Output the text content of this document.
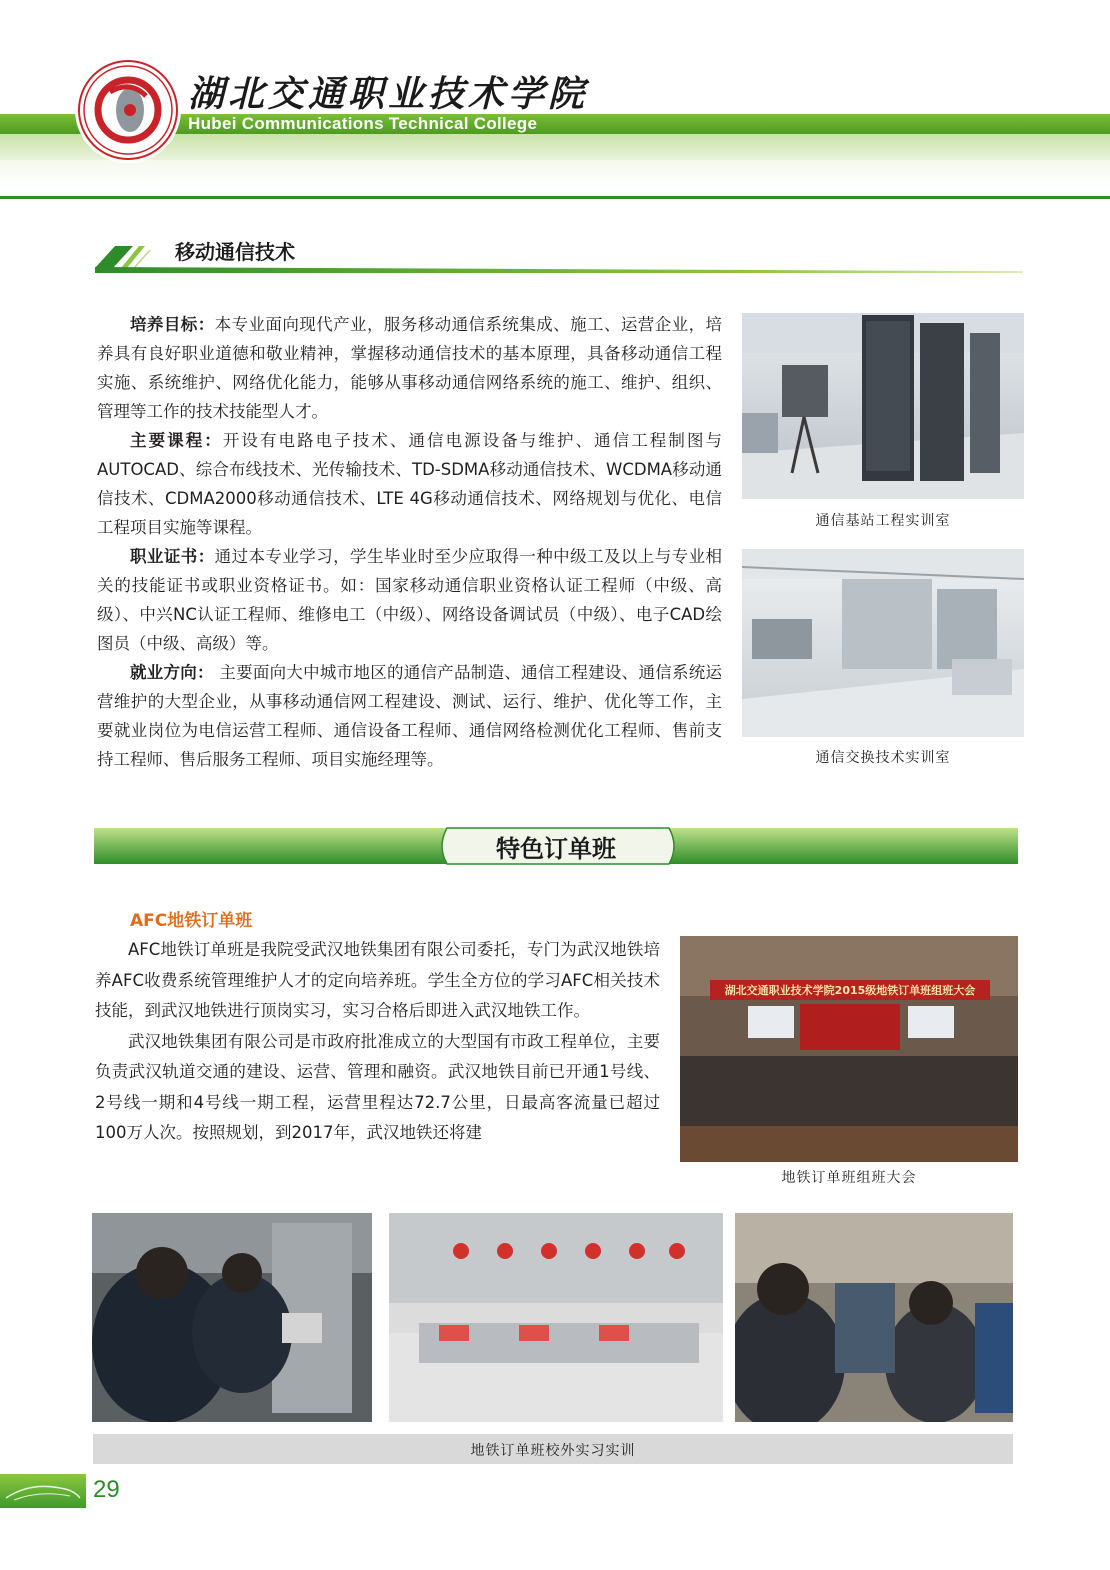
湖北交通职业技术学院
Hubei Communications Technical College
移动通信技术

培养目标：本专业面向现代产业，服务移动通信系统集成、施工、运营企业，培养具有良好职业道德和敬业精神，掌握移动通信技术的基本原理，具备移动通信工程实施、系统维护、网络优化能力，能够从事移动通信网络系统的施工、维护、组织、管理等工作的技术技能型人才。

主要课程：开设有电路电子技术、通信电源设备与维护、通信工程制图与AUTOCAD、综合布线技术、光传输技术、TD-SDMA移动通信技术、WCDMA移动通信技术、CDMA2000移动通信技术、LTE 4G移动通信技术、网络规划与优化、电信工程项目实施等课程。

职业证书：通过本专业学习，学生毕业时至少应取得一种中级工及以上与专业相关的技能证书或职业资格证书。如：国家移动通信职业资格认证工程师（中级、高级）、中兴NC认证工程师、维修电工（中级）、网络设备调试员（中级）、电子CAD绘图员（中级、高级）等。

就业方向： 主要面向大中城市地区的通信产品制造、通信工程建设、通信系统运营维护的大型企业，从事移动通信网工程建设、测试、运行、维护、优化等工作，主要就业岗位为电信运营工程师、通信设备工程师、通信网络检测优化工程师、售前支持工程师、售后服务工程师、项目实施经理等。

通信基站工程实训室
通信交换技术实训室
特色订单班
AFC地铁订单班

AFC地铁订单班是我院受武汉地铁集团有限公司委托，专门为武汉地铁培养AFC收费系统管理维护人才的定向培养班。学生全方位的学习AFC相关技术技能，到武汉地铁进行顶岗实习，实习合格后即进入武汉地铁工作。

武汉地铁集团有限公司是市政府批准成立的大型国有市政工程单位，主要负责武汉轨道交通的建设、运营、管理和融资。武汉地铁目前已开通1号线、2号线一期和4号线一期工程，运营里程达72.7公里，日最高客流量已超过100万人次。按照规划，到2017年，武汉地铁还将建

湖北交通职业技术学院2015级地铁订单班组班大会
地铁订单班组班大会
地铁订单班校外实习实训
29
